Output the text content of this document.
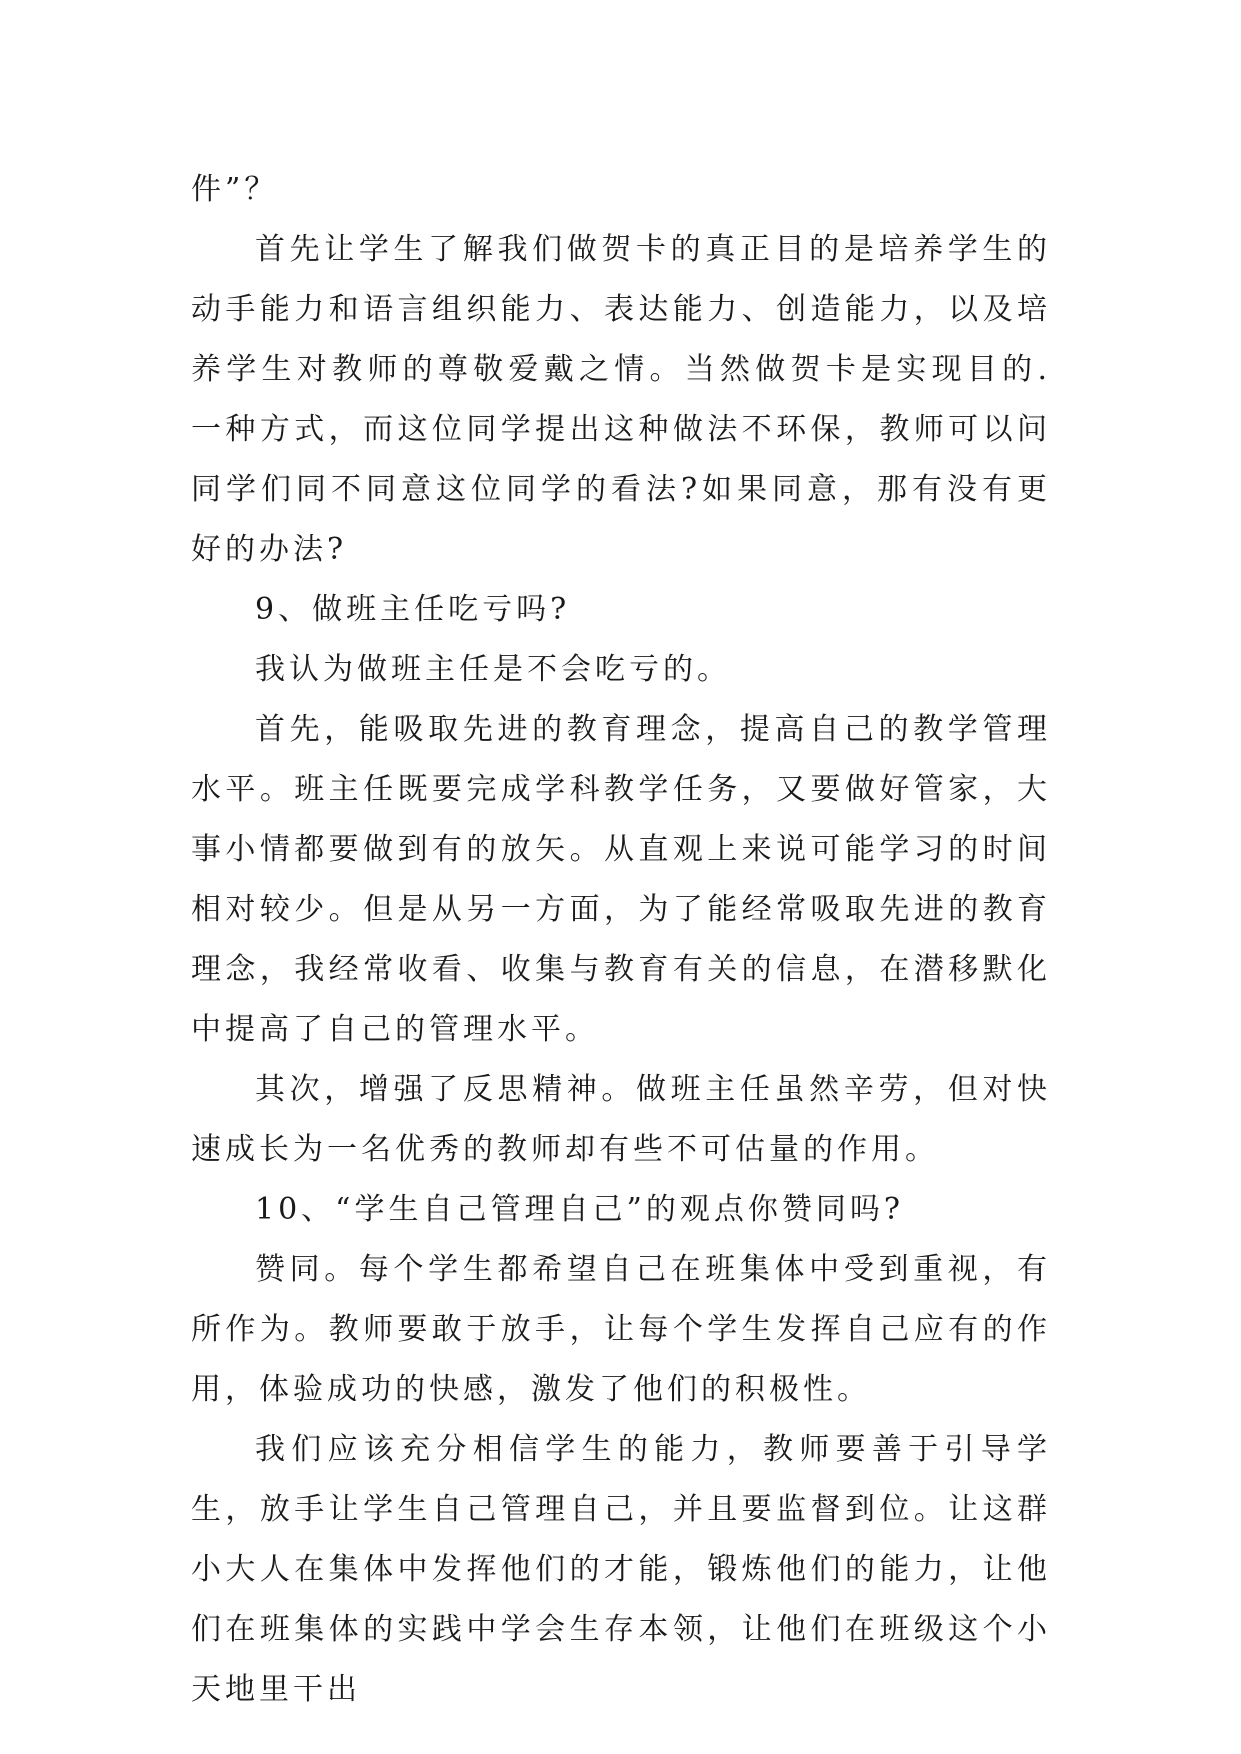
件”？

首先让学生了解我们做贺卡的真正目的是培养学生的动手能力和语言组织能力、表达能力、创造能力，以及培养学生对教师的尊敬爱戴之情。当然做贺卡是实现目的.一种方式，而这位同学提出这种做法不环保，教师可以问同学们同不同意这位同学的看法?如果同意，那有没有更好的办法?

9、做班主任吃亏吗?

我认为做班主任是不会吃亏的。

首先，能吸取先进的教育理念，提高自己的教学管理水平。班主任既要完成学科教学任务，又要做好管家，大事小情都要做到有的放矢。从直观上来说可能学习的时间相对较少。但是从另一方面，为了能经常吸取先进的教育理念，我经常收看、收集与教育有关的信息，在潜移默化中提高了自己的管理水平。

其次，增强了反思精神。做班主任虽然辛劳，但对快速成长为一名优秀的教师却有些不可估量的作用。

10、“学生自己管理自己”的观点你赞同吗?

赞同。每个学生都希望自己在班集体中受到重视，有所作为。教师要敢于放手，让每个学生发挥自己应有的作用，体验成功的快感，激发了他们的积极性。

我们应该充分相信学生的能力，教师要善于引导学生，放手让学生自己管理自己，并且要监督到位。让这群小大人在集体中发挥他们的才能，锻炼他们的能力，让他们在班集体的实践中学会生存本领，让他们在班级这个小天地里干出
